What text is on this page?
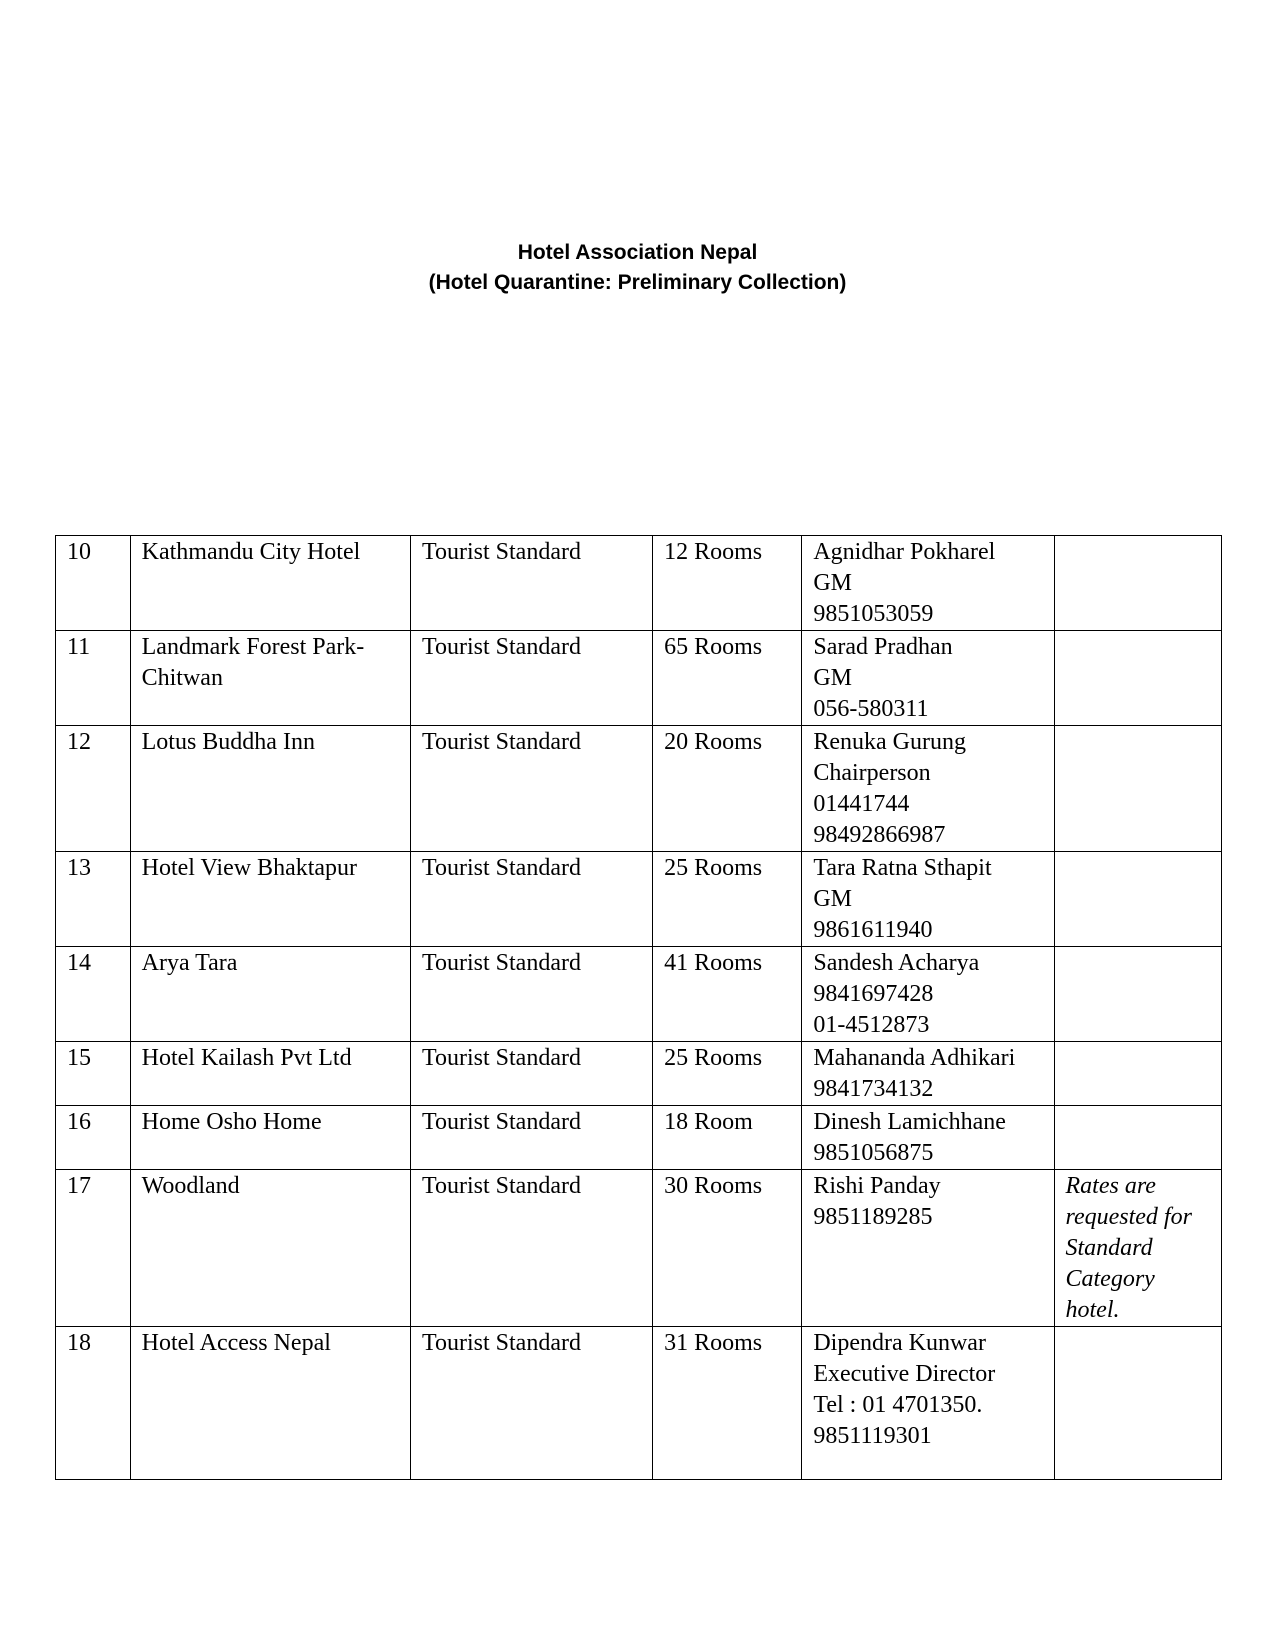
Hotel Association Nepal
(Hotel Quarantine: Preliminary Collection)
10	Kathmandu City Hotel	Tourist Standard	12 Rooms	Agnidhar Pokharel
GM
9851053059	

11	Landmark Forest Park-Chitwan	Tourist Standard	65 Rooms	Sarad Pradhan
GM
056-580311	

12	Lotus Buddha Inn	Tourist Standard	20 Rooms	Renuka Gurung
Chairperson
01441744
98492866987	

13	Hotel View Bhaktapur	Tourist Standard	25 Rooms	Tara Ratna Sthapit
GM
9861611940	

14	Arya Tara	Tourist Standard	41 Rooms	Sandesh Acharya
9841697428
01-4512873	

15	Hotel Kailash Pvt Ltd	Tourist Standard	25 Rooms	Mahananda Adhikari
9841734132	

16	Home Osho Home	Tourist Standard	18 Room	Dinesh Lamichhane
9851056875	

17	Woodland	Tourist Standard	30 Rooms	Rishi Panday
9851189285	Rates are requested for Standard Category hotel.
18	Hotel Access Nepal	Tourist Standard	31 Rooms	Dipendra Kunwar
Executive Director
Tel : 01 4701350.
9851119301	
